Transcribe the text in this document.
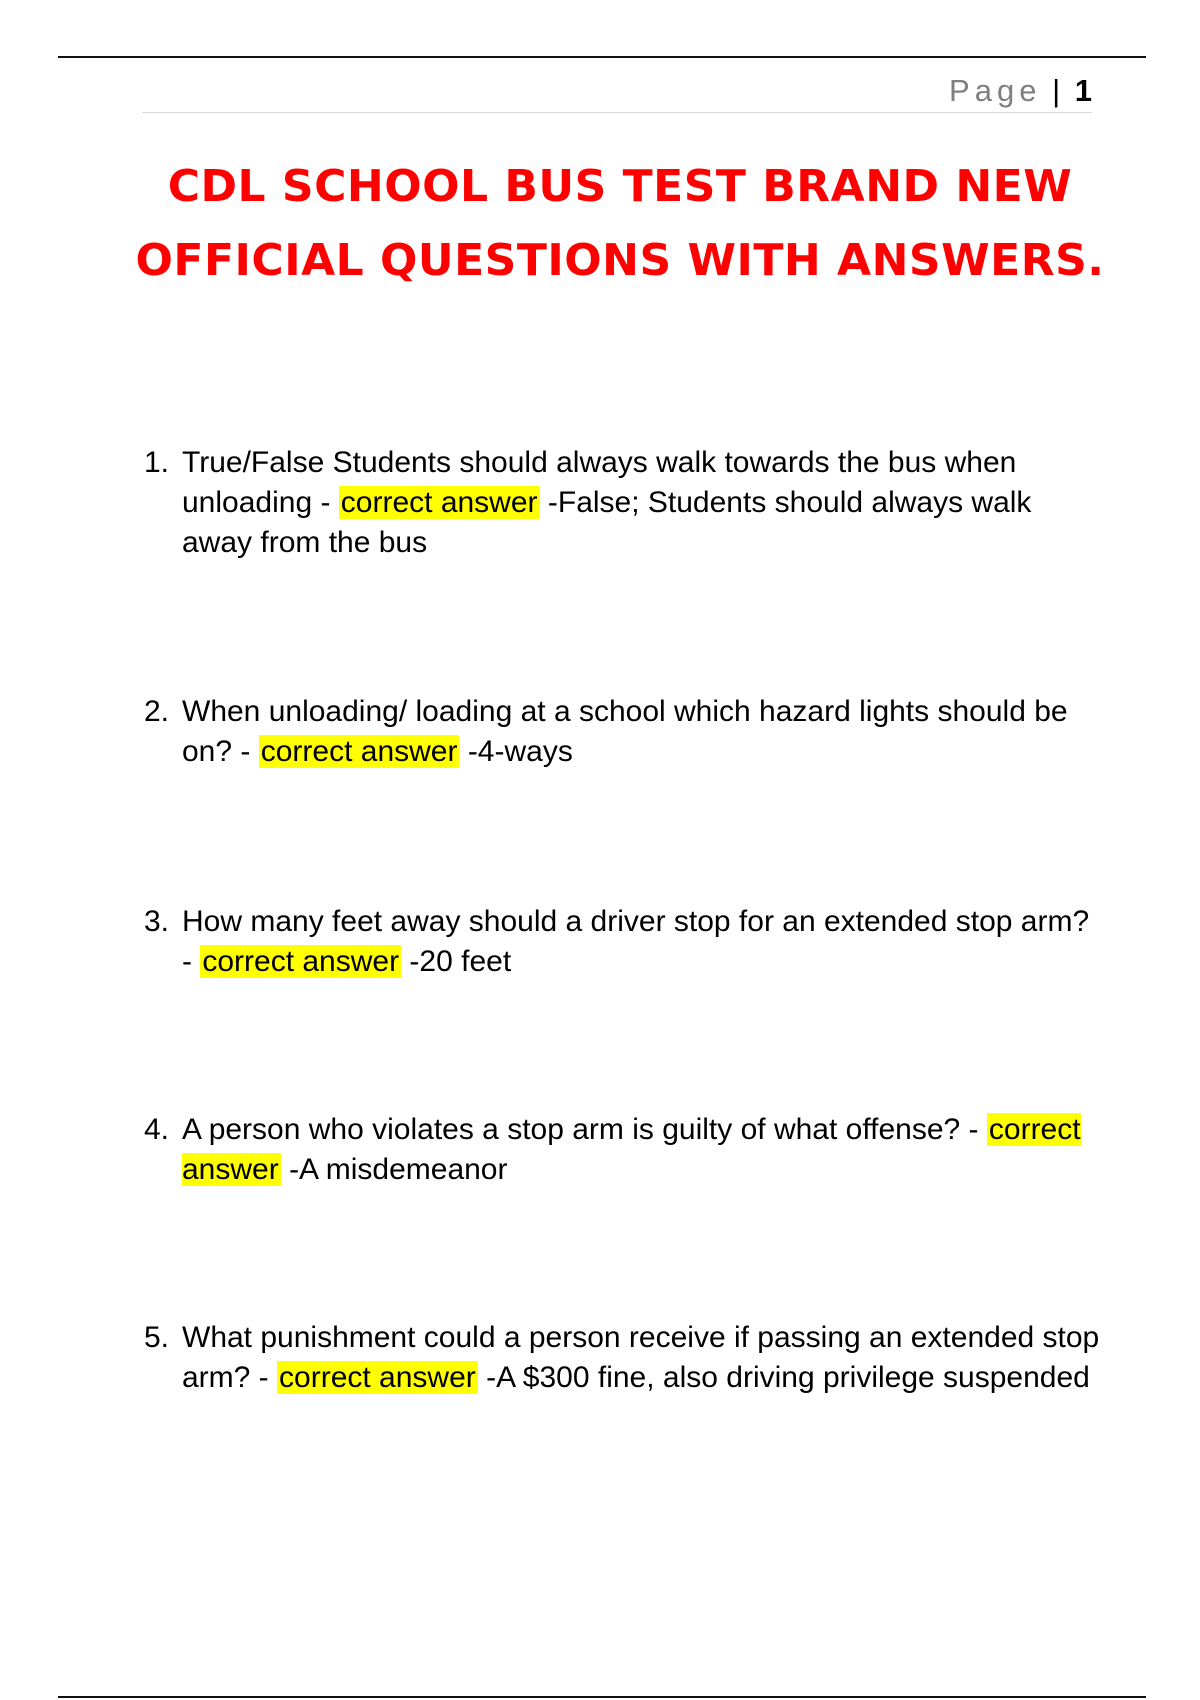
Page | 1
CDL SCHOOL BUS TEST BRAND NEW OFFICIAL QUESTIONS WITH ANSWERS.
1. True/False Students should always walk towards the bus when unloading - correct answer -False; Students should always walk away from the bus
2. When unloading/ loading at a school which hazard lights should be on? - correct answer -4-ways
3. How many feet away should a driver stop for an extended stop arm? - correct answer -20 feet
4. A person who violates a stop arm is guilty of what offense? - correct answer -A misdemeanor
5. What punishment could a person receive if passing an extended stop arm? - correct answer -A $300 fine, also driving privilege suspended
